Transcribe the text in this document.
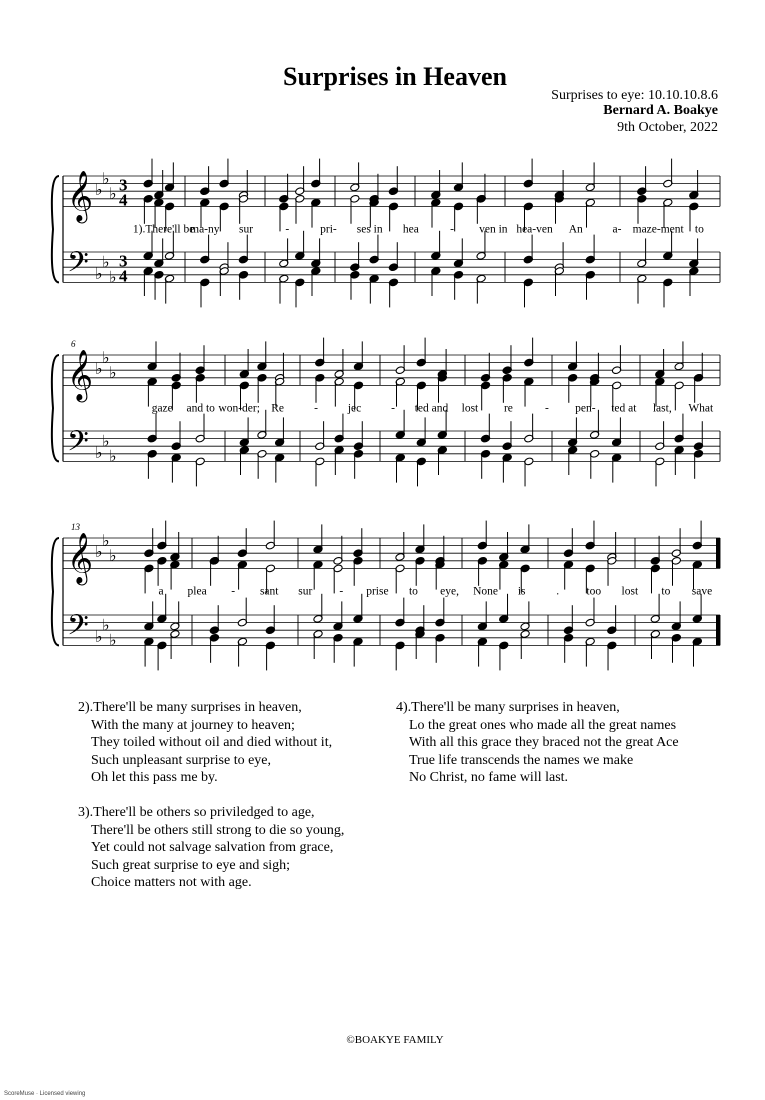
Surprises in Heaven
Surprises to eye: 10.10.10.8.6
Bernard A. Boakye
9th October, 2022
𝄞
𝄢
♭
♭
♭
♭
♭
♭
3
3
4
4
1).There'll be
ma-ny sur	-	pri- ses in hea	- ven in hea-ven An	a- maze-ment to
𝄞
𝄢
♭
♭
♭
♭
♭
♭
6
gaze and to won-der; Re	-	jec	- ted and lost re	- pen- ted at last, What
𝄞
𝄢
♭
♭
♭
♭
♭
♭
13
a plea - sant sur - prise to eye, None is	. too lost to save

2).There'll be many surprises in heaven,

With the many at journey to heaven;

They toiled without oil and died without it,

Such unpleasant surprise to eye,

Oh let this pass me by.

3).There'll be others so priviledged to age,

There'll be others still strong to die so young,

Yet could not salvage salvation from grace,

Such great surprise to eye and sigh;

Choice matters not with age.

4).There'll be many surprises in heaven,

Lo the great ones who made all the great names

With all this grace they braced not the great Ace

True life transcends the names we make

No Christ, no fame will last.

©BOAKYE FAMILY
ScoreMuse · Licensed viewing
